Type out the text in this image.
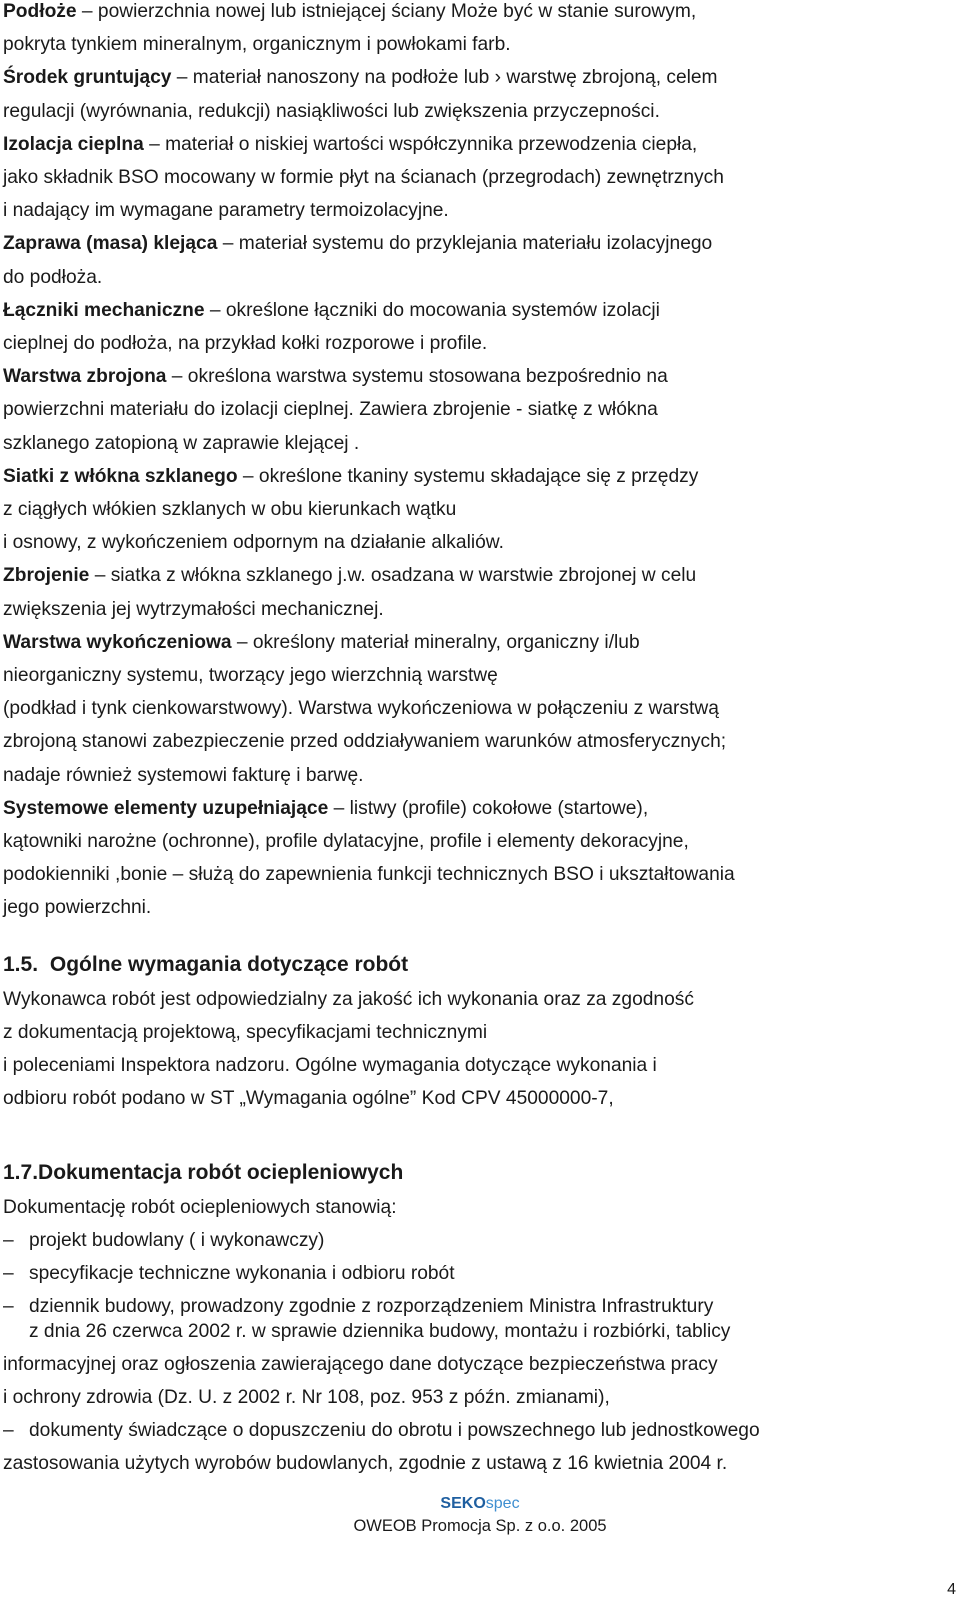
Podłoże – powierzchnia nowej lub istniejącej ściany Może być w stanie surowym,
pokryta tynkiem mineralnym, organicznym i powłokami farb.
Środek gruntujący – materiał nanoszony na podłoże lub › warstwę zbrojoną, celem
regulacji (wyrównania, redukcji) nasiąkliwości lub zwiększenia przyczepności.
Izolacja cieplna – materiał o niskiej wartości współczynnika przewodzenia ciepła,
jako składnik BSO mocowany w formie płyt na ścianach (przegrodach) zewnętrznych
i nadający im wymagane parametry termoizolacyjne.
Zaprawa (masa) klejąca – materiał systemu do przyklejania materiału izolacyjnego
do podłoża.
Łączniki mechaniczne – określone łączniki do mocowania systemów izolacji
cieplnej do podłoża, na przykład kołki rozporowe i profile.
Warstwa zbrojona – określona warstwa systemu stosowana bezpośrednio na
powierzchni materiału do izolacji cieplnej. Zawiera zbrojenie - siatkę z włókna
szklanego zatopioną w zaprawie klejącej .
Siatki z włókna szklanego – określone tkaniny systemu składające się z przędzy
z ciągłych włókien szklanych w obu kierunkach wątku
i osnowy, z wykończeniem odpornym na działanie alkaliów.
Zbrojenie – siatka z włókna szklanego j.w. osadzana w warstwie zbrojonej w celu
zwiększenia jej wytrzymałości mechanicznej.
Warstwa wykończeniowa – określony materiał mineralny, organiczny i/lub
nieorganiczny systemu, tworzący jego wierzchnią warstwę
(podkład i tynk cienkowarstwowy). Warstwa wykończeniowa w połączeniu z warstwą
zbrojoną stanowi zabezpieczenie przed oddziaływaniem warunków atmosferycznych;
nadaje również systemowi fakturę i barwę.
Systemowe elementy uzupełniające – listwy (profile) cokołowe (startowe),
kątowniki narożne (ochronne), profile dylatacyjne, profile i elementy dekoracyjne,
podokienniki ,bonie – służą do zapewnienia funkcji technicznych BSO i ukształtowania
jego powierzchni.
1.5. Ogólne wymagania dotyczące robót
Wykonawca robót jest odpowiedzialny za jakość ich wykonania oraz za zgodność
z dokumentacją projektową, specyfikacjami technicznymi
i poleceniami Inspektora nadzoru. Ogólne wymagania dotyczące wykonania i
odbioru robót podano w ST „Wymagania ogólne” Kod CPV 45000000-7,
1.7.Dokumentacja robót ociepleniowych
Dokumentację robót ociepleniowych stanowią:
– projekt budowlany ( i wykonawczy)
– specyfikacje techniczne wykonania i odbioru robót
– dziennik budowy, prowadzony zgodnie z rozporządzeniem Ministra Infrastruktury
z dnia 26 czerwca 2002 r. w sprawie dziennika budowy, montażu i rozbiórki, tablicy
informacyjnej oraz ogłoszenia zawierającego dane dotyczące bezpieczeństwa pracy
i ochrony zdrowia (Dz. U. z 2002 r. Nr 108, poz. 953 z późn. zmianami),
– dokumenty świadczące o dopuszczeniu do obrotu i powszechnego lub jednostkowego
zastosowania użytych wyrobów budowlanych, zgodnie z ustawą z 16 kwietnia 2004 r.
SEKOspec
OWEOB Promocja Sp. z o.o. 2005
4
